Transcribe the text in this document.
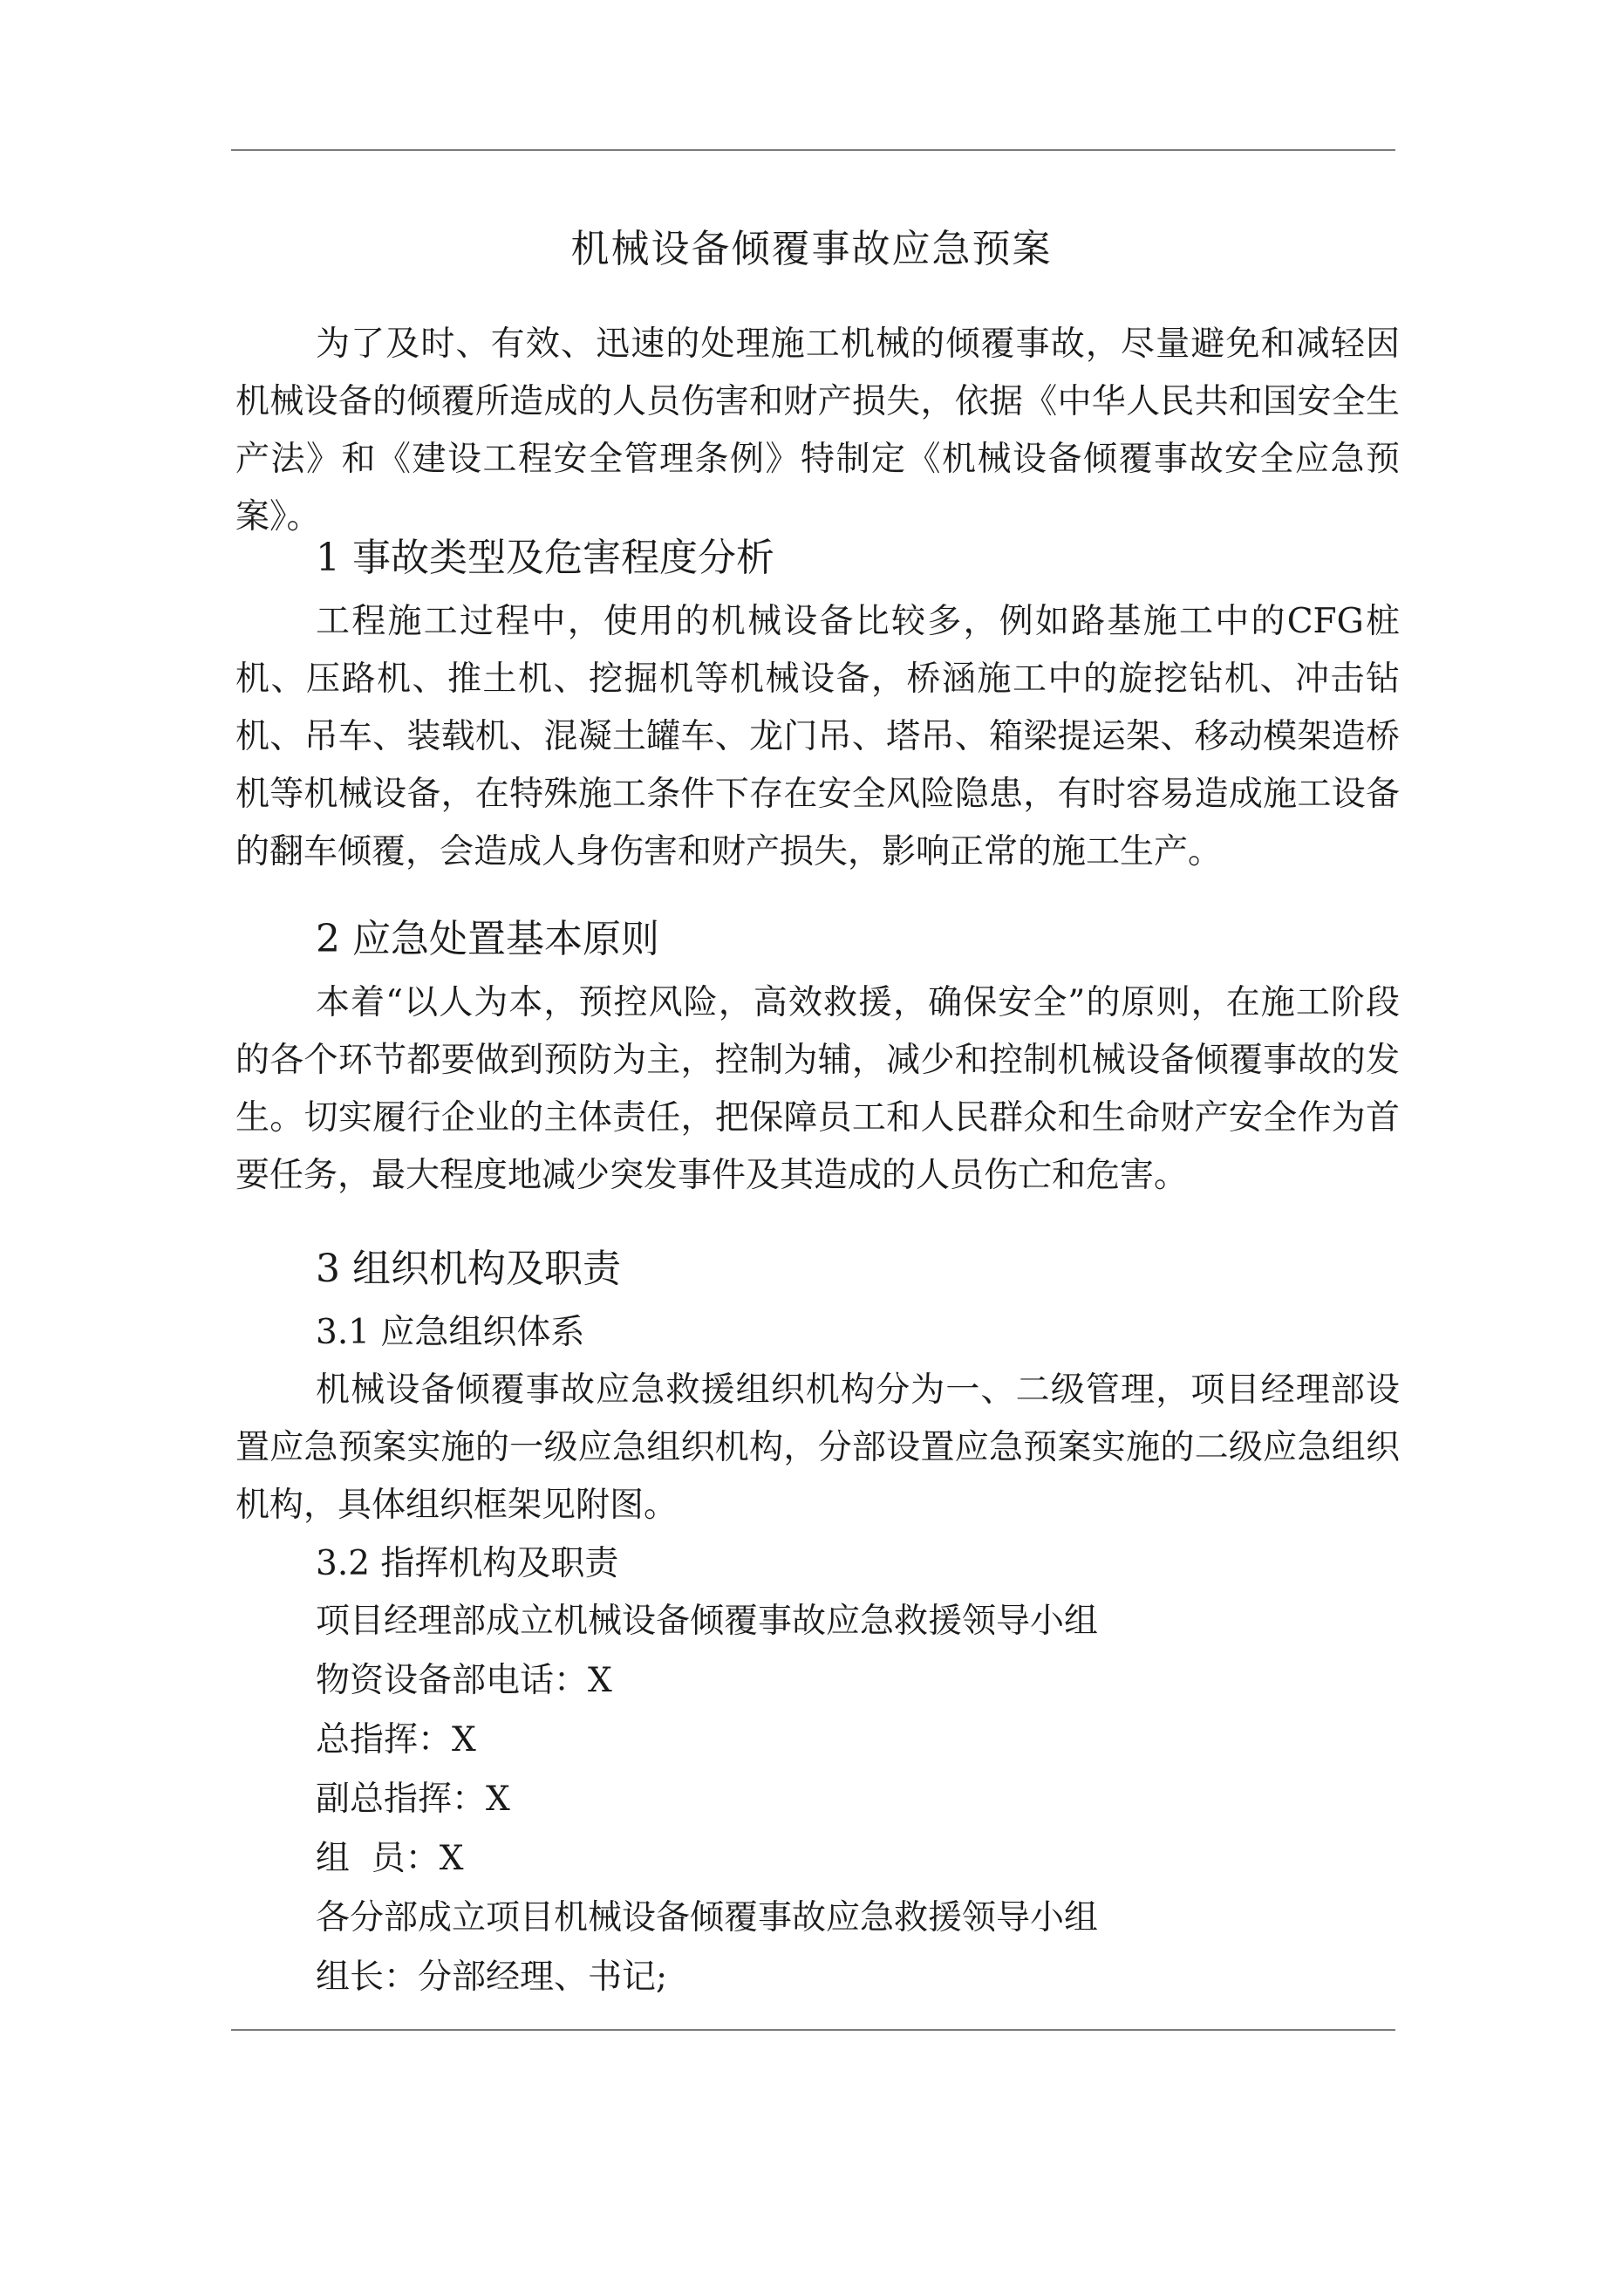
机械设备倾覆事故应急预案

为了及时、有效、迅速的处理施工机械的倾覆事故，尽量避免和减轻因机械设备的倾覆所造成的人员伤害和财产损失，依据《中华人民共和国安全生产法》和《建设工程安全管理条例》特制定《机械设备倾覆事故安全应急预案》。

1 事故类型及危害程度分析

工程施工过程中，使用的机械设备比较多，例如路基施工中的CFG桩机、压路机、推土机、挖掘机等机械设备，桥涵施工中的旋挖钻机、冲击钻机、吊车、装载机、混凝土罐车、龙门吊、塔吊、箱梁提运架、移动模架造桥机等机械设备，在特殊施工条件下存在安全风险隐患，有时容易造成施工设备的翻车倾覆，会造成人身伤害和财产损失，影响正常的施工生产。

2 应急处置基本原则

本着“以人为本，预控风险，高效救援，确保安全”的原则，在施工阶段的各个环节都要做到预防为主，控制为辅，减少和控制机械设备倾覆事故的发生。切实履行企业的主体责任，把保障员工和人民群众和生命财产安全作为首要任务，最大程度地减少突发事件及其造成的人员伤亡和危害。

3 组织机构及职责

3.1 应急组织体系

机械设备倾覆事故应急救援组织机构分为一、二级管理，项目经理部设置应急预案实施的一级应急组织机构，分部设置应急预案实施的二级应急组织机构，具体组织框架见附图。

3.2 指挥机构及职责

项目经理部成立机械设备倾覆事故应急救援领导小组

物资设备部电话：X

总指挥：X

副总指挥：X

组  员：X

各分部成立项目机械设备倾覆事故应急救援领导小组

组长：分部经理、书记;
